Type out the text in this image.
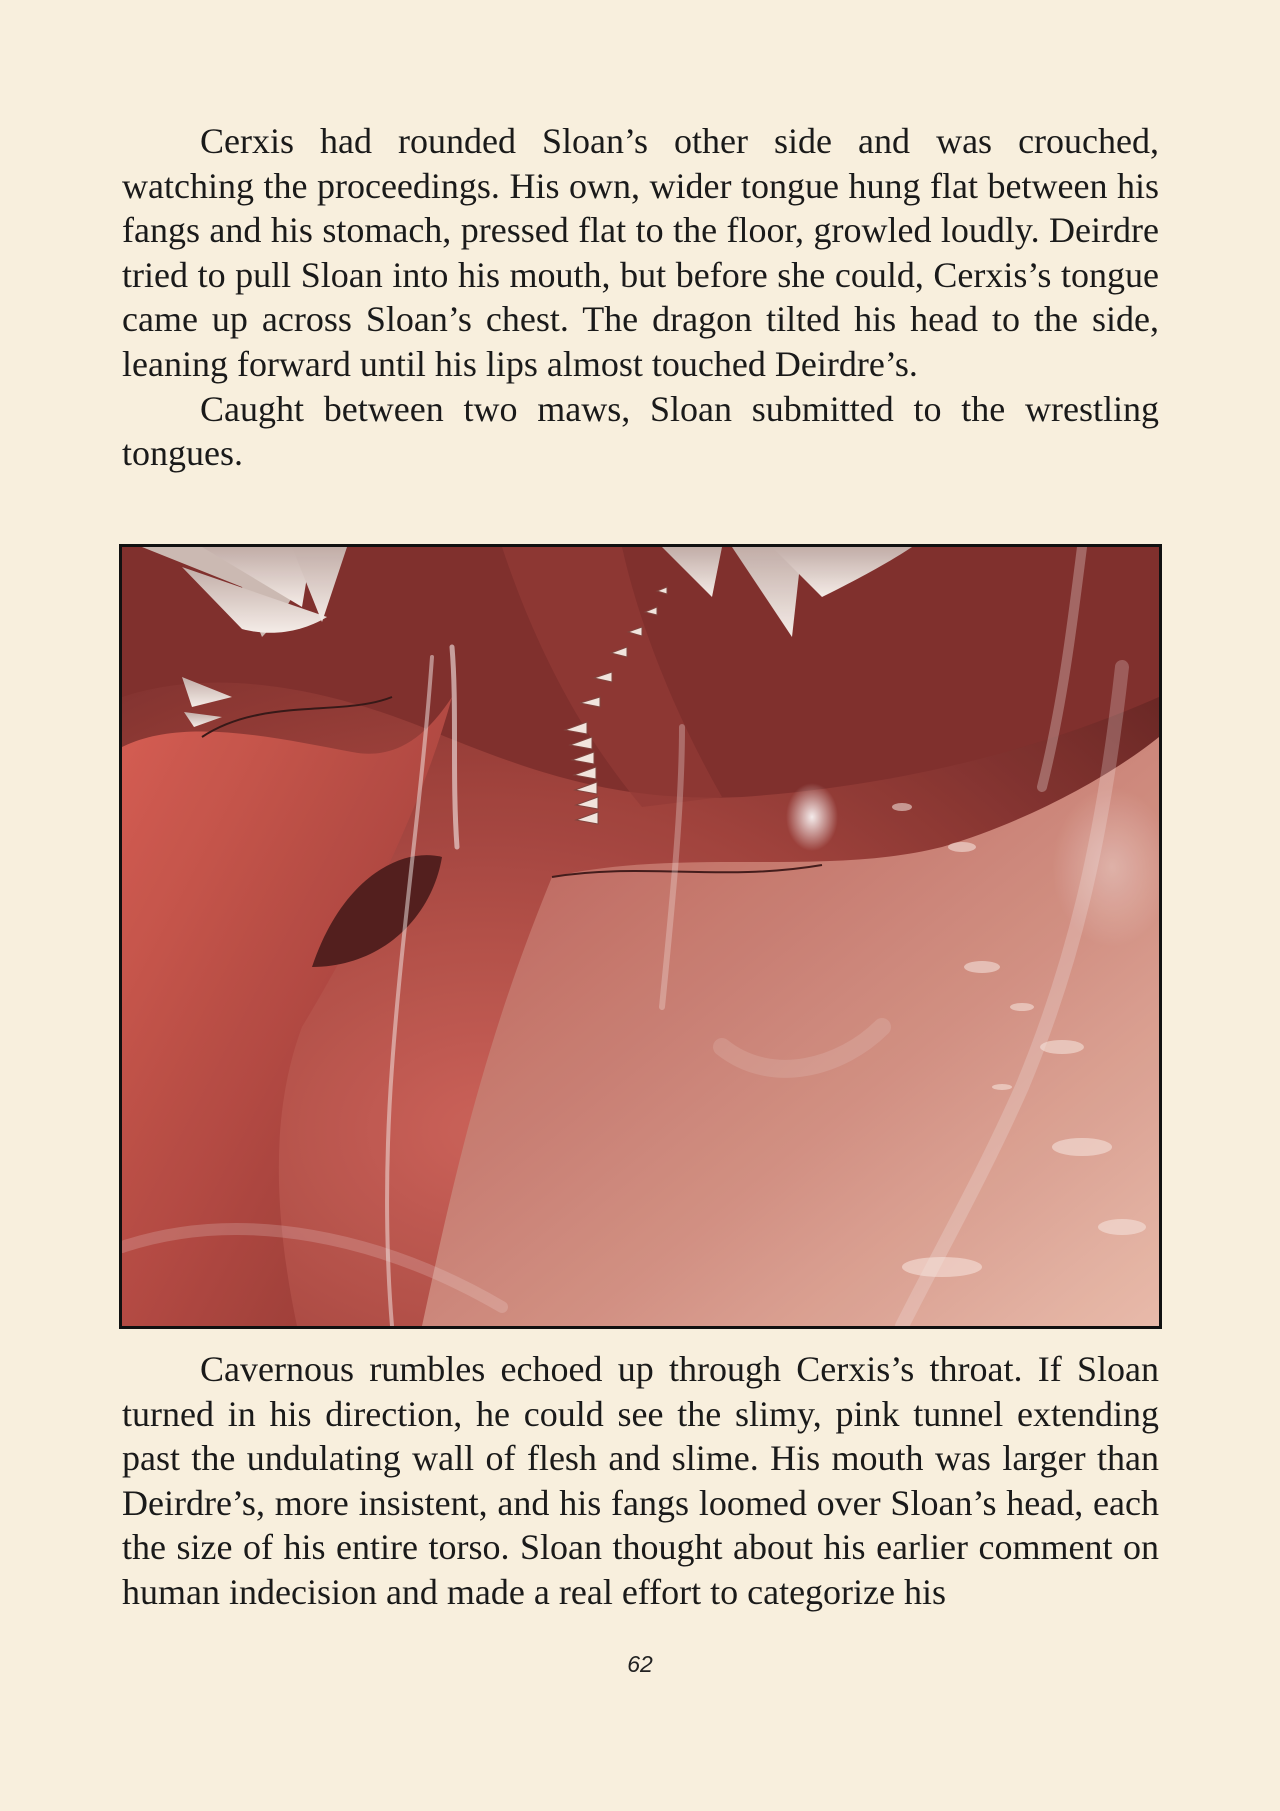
Cerxis had rounded Sloan’s other side and was crouched, watching the proceedings. His own, wider tongue hung flat between his fangs and his stomach, pressed flat to the floor, growled loudly. Deirdre tried to pull Sloan into his mouth, but before she could, Cerxis’s tongue came up across Sloan’s chest. The dragon tilted his head to the side, leaning forward until his lips almost touched Deirdre’s.

Caught between two maws, Sloan submitted to the wrestling tongues.

Cavernous rumbles echoed up through Cerxis’s throat. If Sloan turned in his direction, he could see the slimy, pink tunnel extending past the undulating wall of flesh and slime. His mouth was larger than Deirdre’s, more insistent, and his fangs loomed over Sloan’s head, each the size of his entire torso. Sloan thought about his earlier comment on human indecision and made a real effort to categorize his

62
